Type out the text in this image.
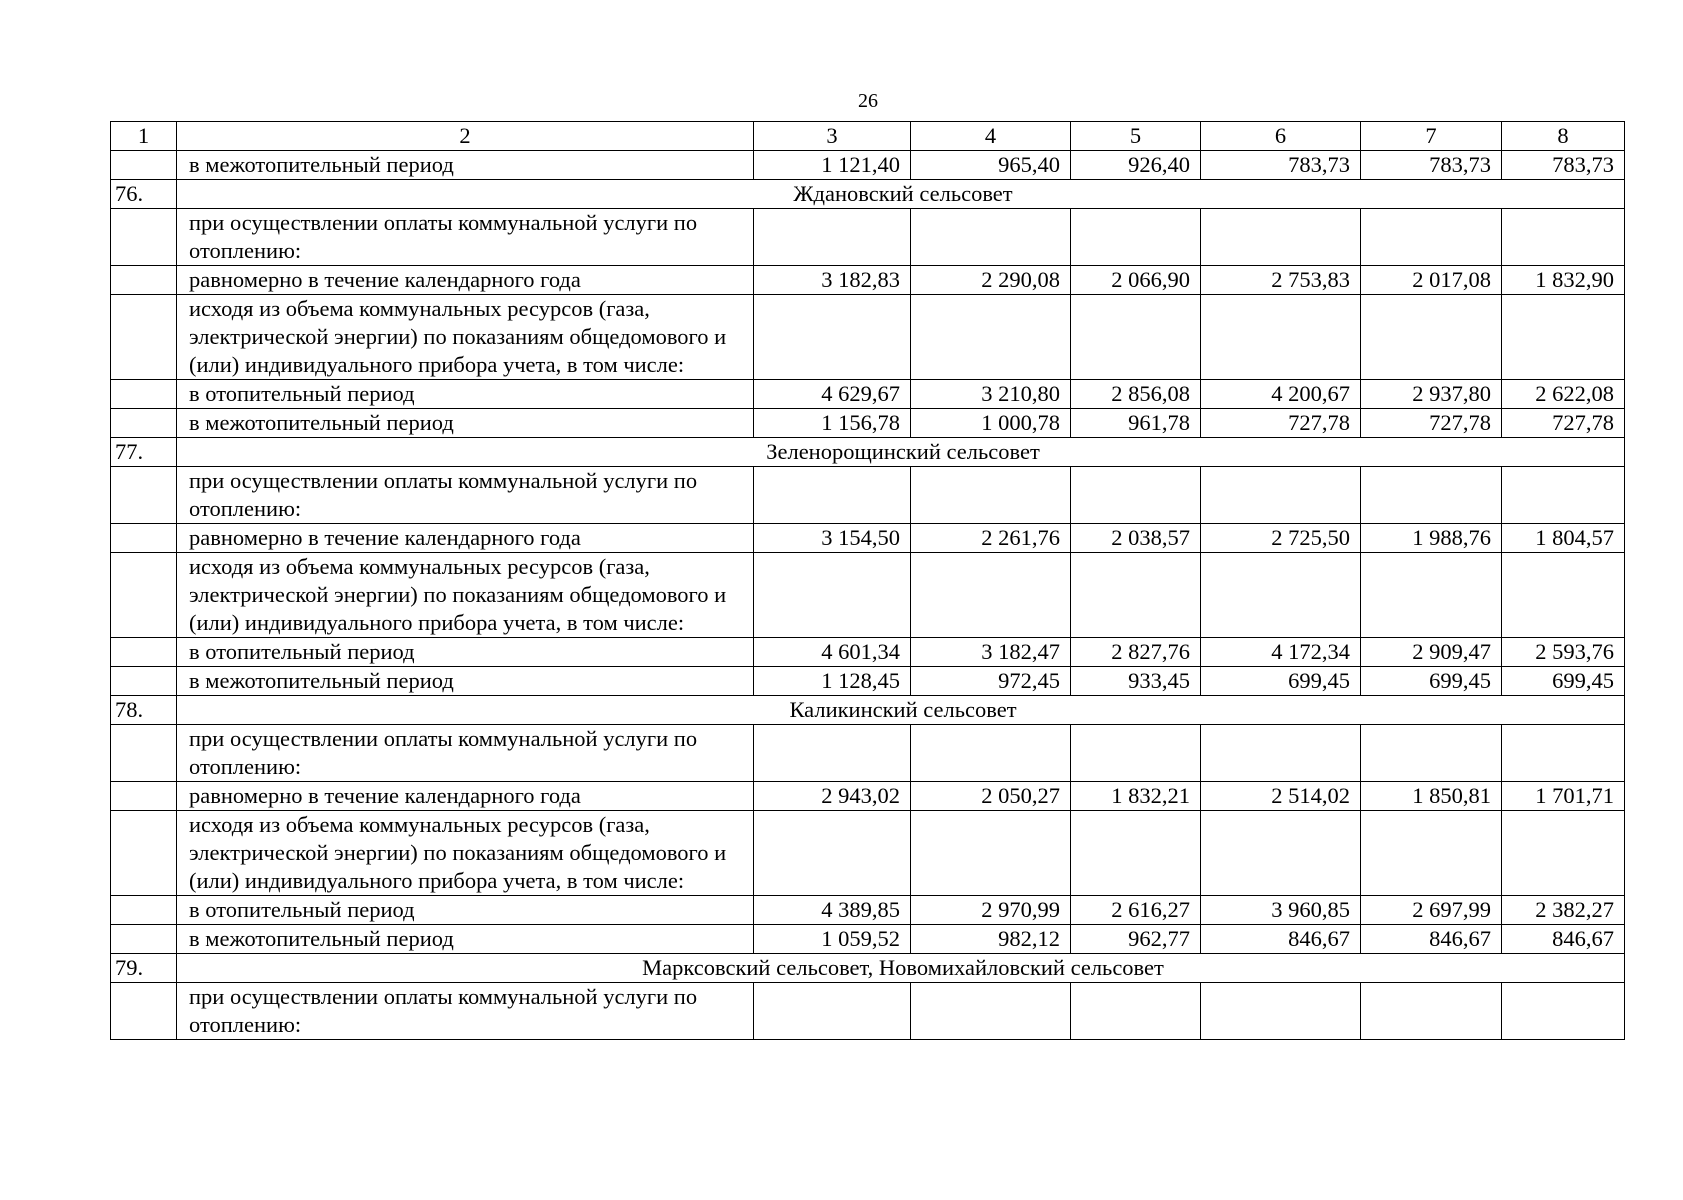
26
1	2	3	4	5	6	7	8
	в межотопительный период	1 121,40	965,40	926,40	783,73	783,73	783,73
76.	Ждановский сельсовет						
	при осуществлении оплаты коммунальной услуги по отоплению:						
	равномерно в течение календарного года	3 182,83	2 290,08	2 066,90	2 753,83	2 017,08	1 832,90
	исходя из объема коммунальных ресурсов (газа, электрической энергии) по показаниям общедомового и (или) индивидуального прибора учета, в том числе:						
	в отопительный период	4 629,67	3 210,80	2 856,08	4 200,67	2 937,80	2 622,08
	в межотопительный период	1 156,78	1 000,78	961,78	727,78	727,78	727,78
77.	Зеленорощинский сельсовет						
	при осуществлении оплаты коммунальной услуги по отоплению:						
	равномерно в течение календарного года	3 154,50	2 261,76	2 038,57	2 725,50	1 988,76	1 804,57
	исходя из объема коммунальных ресурсов (газа, электрической энергии) по показаниям общедомового и (или) индивидуального прибора учета, в том числе:						
	в отопительный период	4 601,34	3 182,47	2 827,76	4 172,34	2 909,47	2 593,76
	в межотопительный период	1 128,45	972,45	933,45	699,45	699,45	699,45
78.	Каликинский сельсовет						
	при осуществлении оплаты коммунальной услуги по отоплению:						
	равномерно в течение календарного года	2 943,02	2 050,27	1 832,21	2 514,02	1 850,81	1 701,71
	исходя из объема коммунальных ресурсов (газа, электрической энергии) по показаниям общедомового и (или) индивидуального прибора учета, в том числе:						
	в отопительный период	4 389,85	2 970,99	2 616,27	3 960,85	2 697,99	2 382,27
	в межотопительный период	1 059,52	982,12	962,77	846,67	846,67	846,67
79.	Марксовский сельсовет, Новомихайловский сельсовет						
	при осуществлении оплаты коммунальной услуги по отоплению:						
